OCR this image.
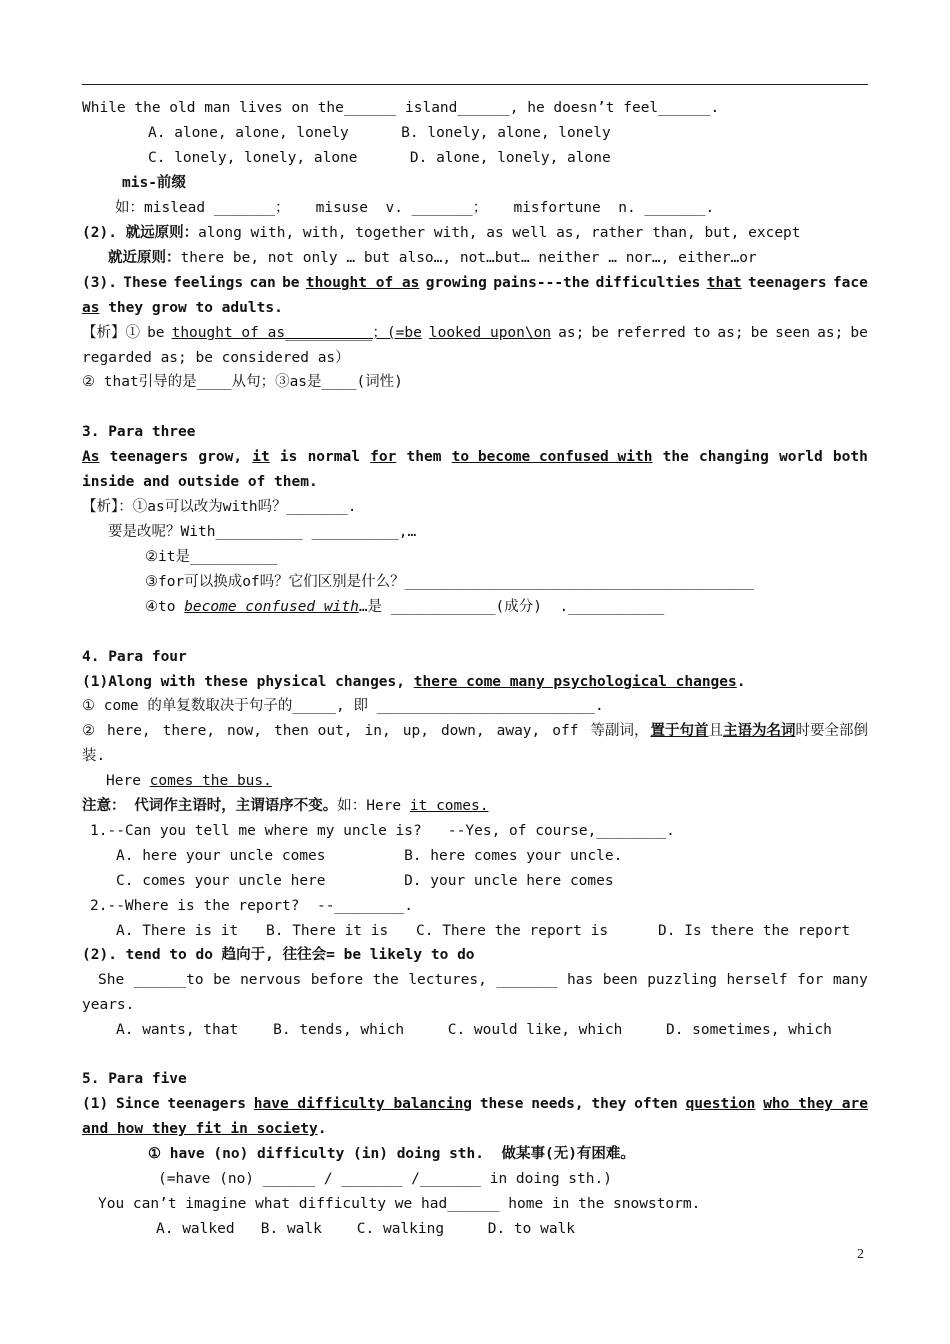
While the old man lives on the______ island______, he doesn’t feel______.
A. alone, alone, lonely      B. lonely, alone, lonely
C. lonely, lonely, alone      D. alone, lonely, alone
mis-前缀
如：mislead _______；   misuse  v. _______；   misfortune  n. _______.
(2). 就远原则：along with, with, together with, as well as, rather than, but, except
就近原则：there be, not only … but also…, not…but… neither … nor…, either…or
(3). These feelings can be thought of as growing pains---the difficulties that teenagers face
as they grow to adults.
【析】① be thought of as__________；(=be looked upon\on as; be referred to as; be seen as; be
regarded as; be considered as）
② that引导的是____从句；③as是____(词性)
3. Para three
As teenagers grow, it is normal for them to become confused with the changing world both
inside and outside of them.
【析】：①as可以改为with吗？_______.
要是改呢？With__________ __________,…
②it是__________
③for可以换成of吗？它们区别是什么？________________________________________
④to become confused with…是 ____________(成分)  .___________
4. Para four
(1)Along with these physical changes, there come many psychological changes.
① come 的单复数取决于句子的_____, 即 _________________________.
② here, there, now, then out, in, up, down, away, off 等副词， 置于句首且主语为名词时要全部倒
装.
Here comes the bus.
注意： 代词作主语时，主谓语序不变。如：Here it comes.
1.--Can you tell me where my uncle is?   --Yes, of course,________.
A. here your uncle comes         B. here comes your uncle.
C. comes your uncle here         D. your uncle here comes
2.--Where is the report?  --________.
A. There is it B. There it is C. There the report is	D. Is there the report
(2). tend to do 趋向于, 往往会= be likely to do
She ______to be nervous before the lectures, _______ has been puzzling herself for many
years.
A. wants, that    B. tends, which     C. would like, which     D. sometimes, which
5. Para five
(1) Since teenagers have difficulty balancing these needs, they often question who they are
and how they fit in society.
① have (no) difficulty (in) doing sth.  做某事(无)有困难。
(=have (no) ______ / _______ /_______ in doing sth.)
You can’t imagine what difficulty we had______ home in the snowstorm.
A. walked   B. walk    C. walking     D. to walk
2
